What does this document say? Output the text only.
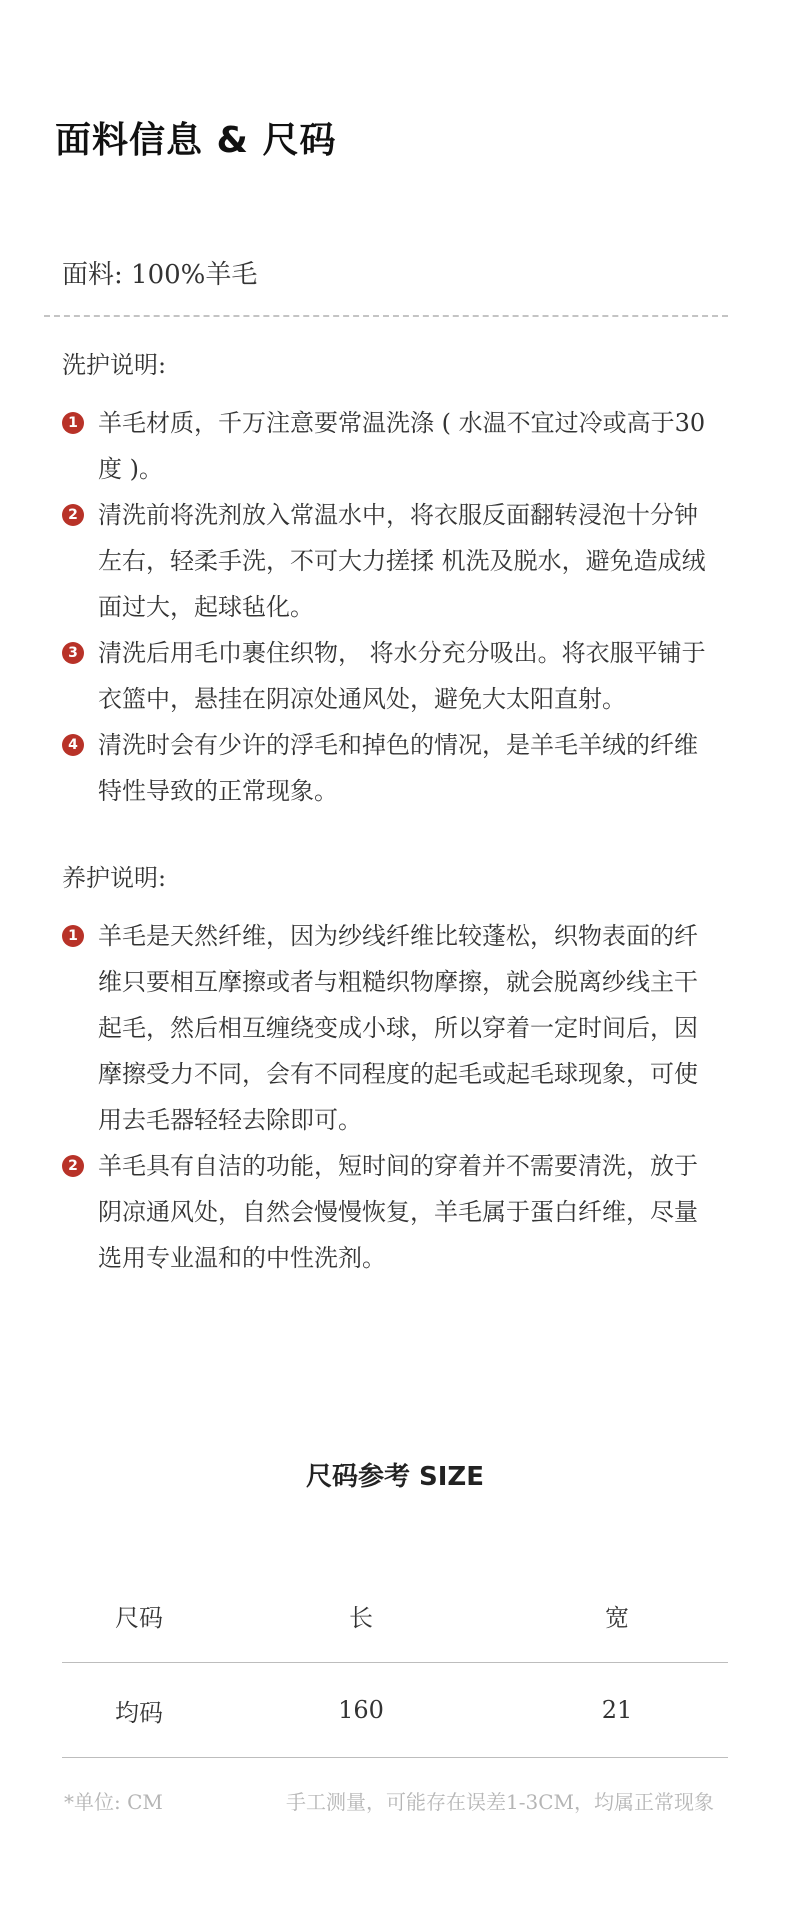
面料信息 & 尺码
面料: 100%羊毛
洗护说明:
1 羊毛材质，千万注意要常温洗涤 ( 水温不宜过冷或高于30 度 )。
2 清洗前将洗剂放入常温水中，将衣服反面翻转浸泡十分钟左右，轻柔手洗，不可大力搓揉 机洗及脱水，避免造成绒面过大，起球毡化。
3 清洗后用毛巾裹住织物， 将水分充分吸出。将衣服平铺于衣篮中，悬挂在阴凉处通风处，避免大太阳直射。
4 清洗时会有少许的浮毛和掉色的情况，是羊毛羊绒的纤维特性导致的正常现象。
养护说明:
1 羊毛是天然纤维，因为纱线纤维比较蓬松，织物表面的纤维只要相互摩擦或者与粗糙织物摩擦，就会脱离纱线主干起毛，然后相互缠绕变成小球，所以穿着一定时间后，因摩擦受力不同，会有不同程度的起毛或起毛球现象，可使用去毛器轻轻去除即可。
2 羊毛具有自洁的功能，短时间的穿着并不需要清洗，放于阴凉通风处，自然会慢慢恢复，羊毛属于蛋白纤维，尽量选用专业温和的中性洗剂。
尺码参考 SIZE
尺码	长	宽
均码	160	21
*单位: CM	手工测量，可能存在误差1-3CM，均属正常现象
